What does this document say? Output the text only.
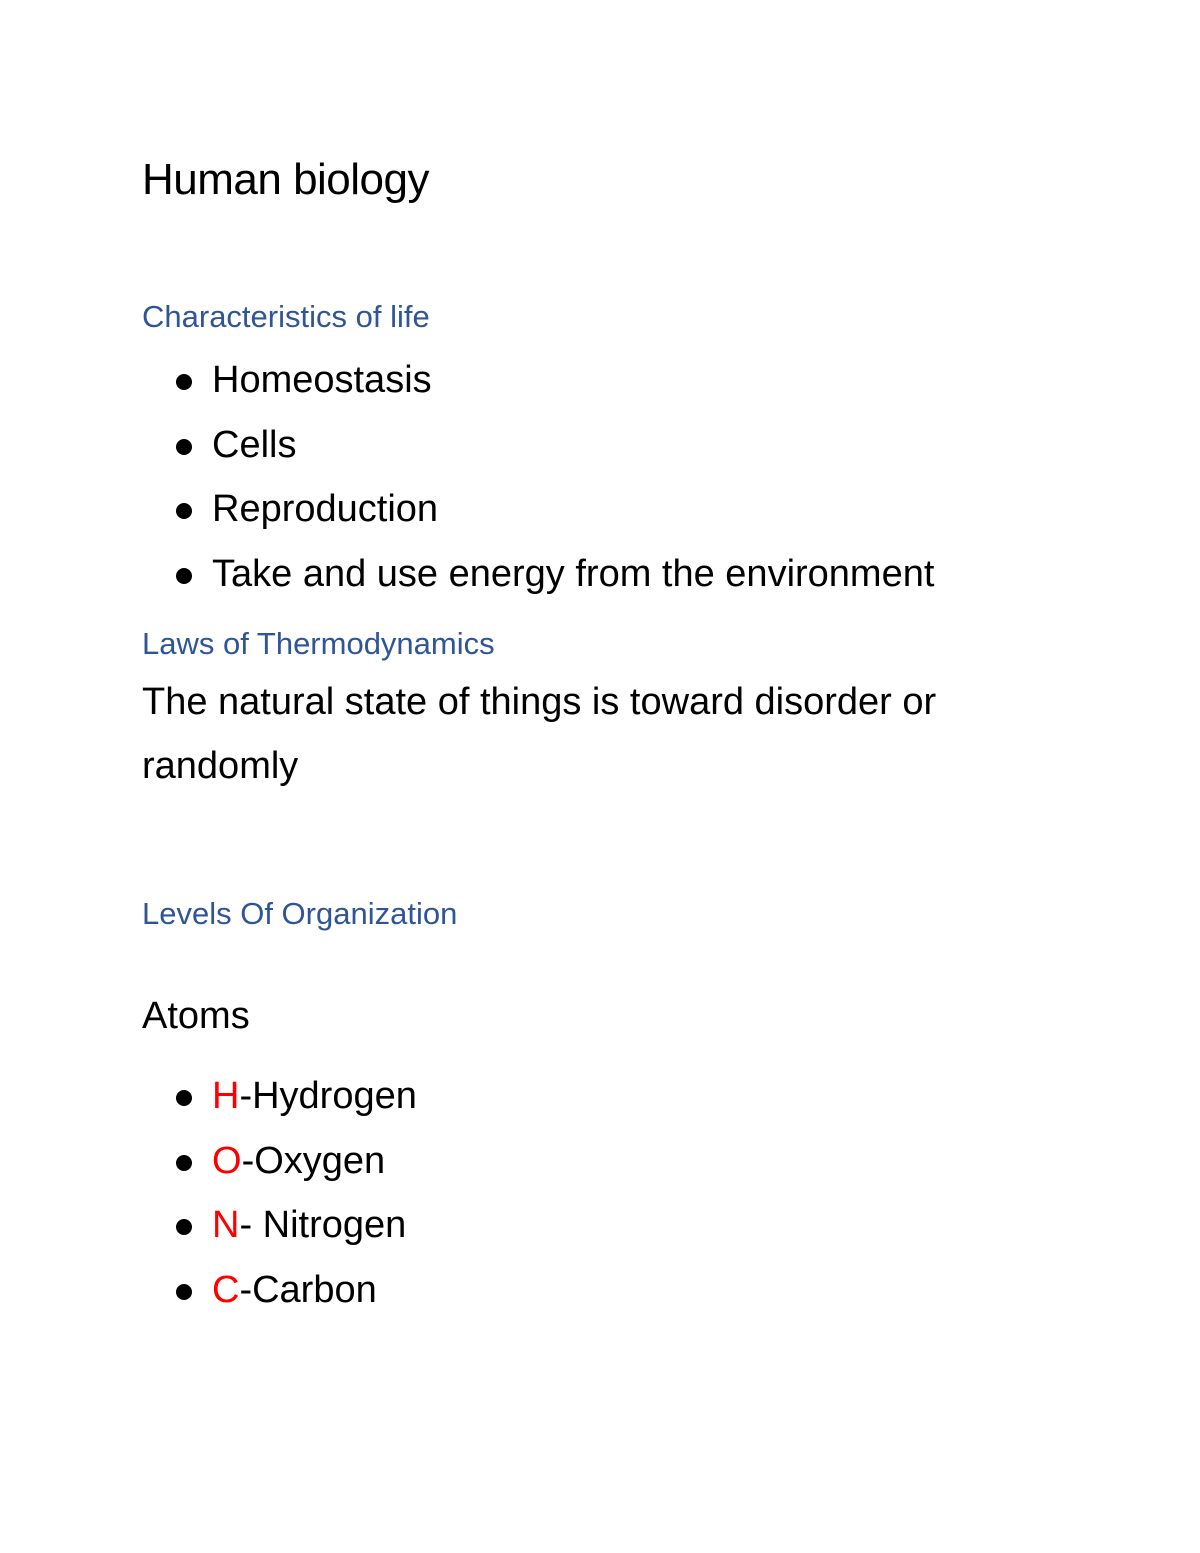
Human biology
Characteristics of life
Homeostasis
Cells
Reproduction
Take and use energy from the environment
Laws of Thermodynamics
The natural state of things is toward disorder or
randomly
Levels Of Organization
Atoms
H-Hydrogen
O-Oxygen
N- Nitrogen
C-Carbon
